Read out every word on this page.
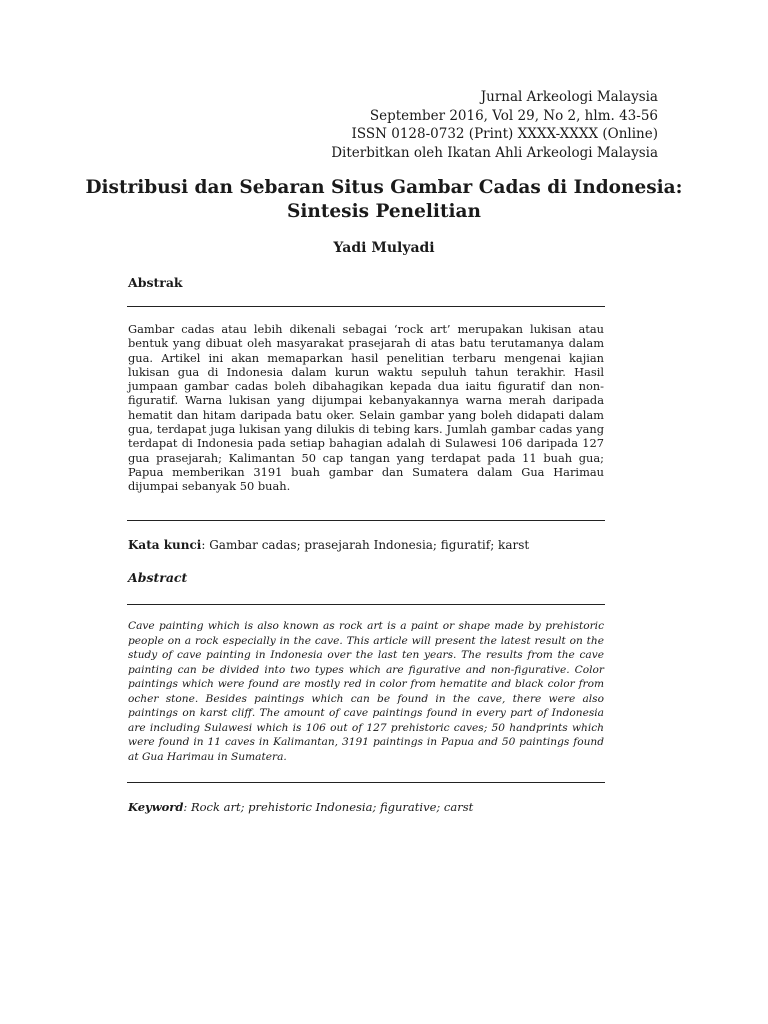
Jurnal Arkeologi Malaysia
September 2016, Vol 29, No 2, hlm. 43-56
ISSN 0128-0732 (Print) XXXX-XXXX (Online)
Diterbitkan oleh Ikatan Ahli Arkeologi Malaysia
Distribusi dan Sebaran Situs Gambar Cadas di Indonesia:
Sintesis Penelitian
Yadi Mulyadi
Abstrak
Gambar cadas atau lebih dikenali sebagai ‘rock art’ merupakan lukisan atau bentuk yang dibuat oleh masyarakat prasejarah di atas batu terutamanya dalam gua. Artikel ini akan memaparkan hasil penelitian terbaru mengenai kajian lukisan gua di Indonesia dalam kurun waktu sepuluh tahun terakhir. Hasil jumpaan gambar cadas boleh dibahagikan kepada dua iaitu figuratif dan non-figuratif. Warna lukisan yang dijumpai kebanyakannya warna merah daripada hematit dan hitam daripada batu oker. Selain gambar yang boleh didapati dalam gua, terdapat juga lukisan yang dilukis di tebing kars. Jumlah gambar cadas yang terdapat di Indonesia pada setiap bahagian adalah di Sulawesi 106 daripada 127 gua prasejarah; Kalimantan 50 cap tangan yang terdapat pada 11 buah gua; Papua memberikan 3191 buah gambar dan Sumatera dalam Gua Harimau dijumpai sebanyak 50 buah.
Kata kunci: Gambar cadas; prasejarah Indonesia; figuratif; karst
Abstract
Cave painting which is also known as rock art is a paint or shape made by prehistoric people on a rock especially in the cave. This article will present the latest result on the study of cave painting in Indonesia over the last ten years. The results from the cave painting can be divided into two types which are figurative and non-figurative. Color paintings which were found are mostly red in color from hematite and black color from ocher stone. Besides paintings which can be found in the cave, there were also paintings on karst cliff. The amount of cave paintings found in every part of Indonesia are including Sulawesi which is 106 out of 127 prehistoric caves; 50 handprints which were found in 11 caves in Kalimantan, 3191 paintings in Papua and 50 paintings found at Gua Harimau in Sumatera.
Keyword: Rock art; prehistoric Indonesia; figurative; carst
